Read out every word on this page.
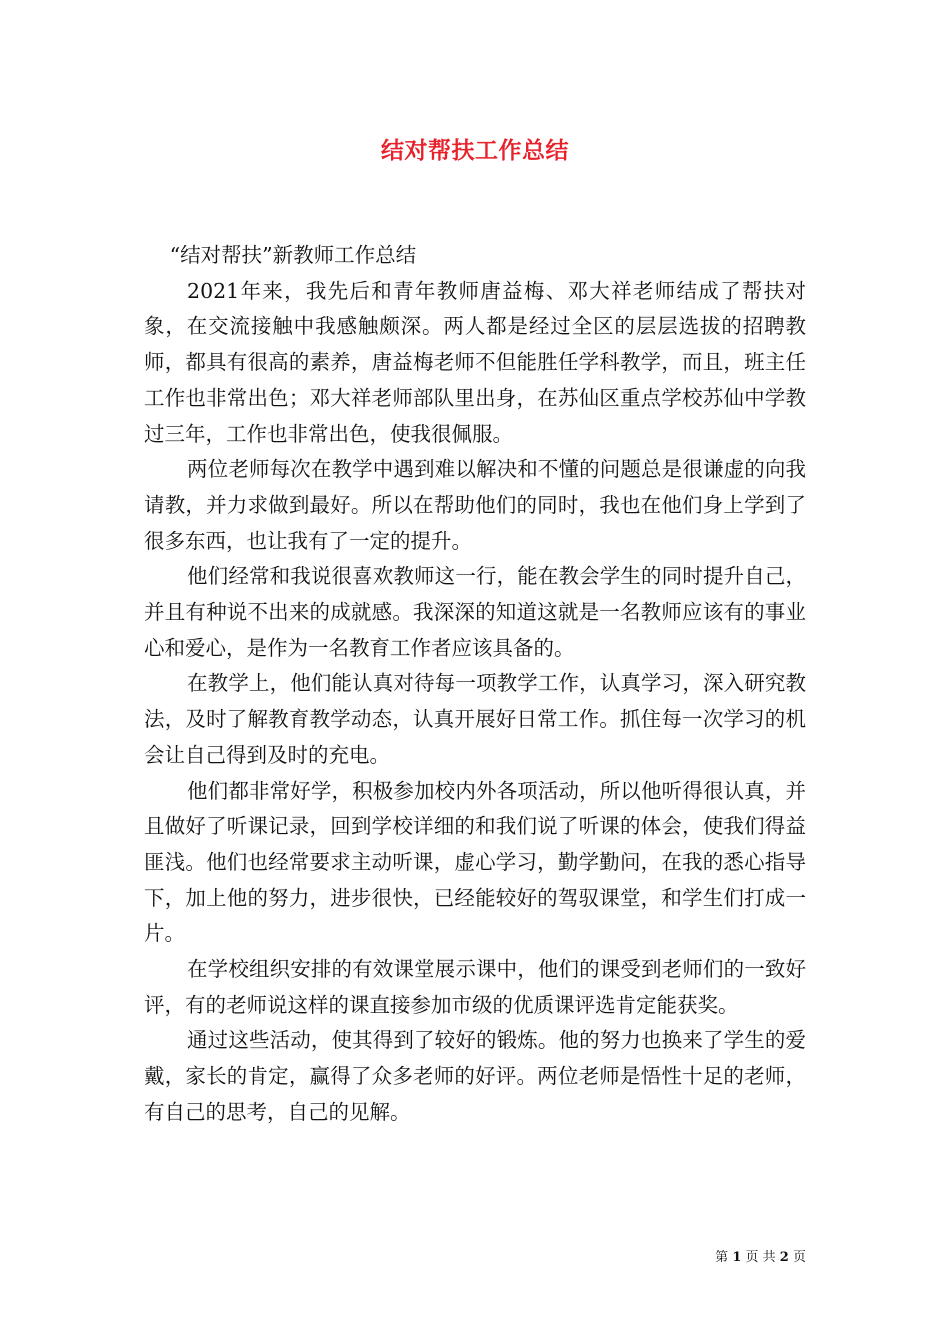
结对帮扶工作总结

“结对帮扶”新教师工作总结

2021年来，我先后和青年教师唐益梅、邓大祥老师结成了帮扶对象，在交流接触中我感触颇深。两人都是经过全区的层层选拔的招聘教师，都具有很高的素养，唐益梅老师不但能胜任学科教学，而且，班主任工作也非常出色；邓大祥老师部队里出身，在苏仙区重点学校苏仙中学教过三年，工作也非常出色，使我很佩服。

两位老师每次在教学中遇到难以解决和不懂的问题总是很谦虚的向我请教，并力求做到最好。所以在帮助他们的同时，我也在他们身上学到了很多东西，也让我有了一定的提升。

他们经常和我说很喜欢教师这一行，能在教会学生的同时提升自己，并且有种说不出来的成就感。我深深的知道这就是一名教师应该有的事业心和爱心，是作为一名教育工作者应该具备的。

在教学上，他们能认真对待每一项教学工作，认真学习，深入研究教法，及时了解教育教学动态，认真开展好日常工作。抓住每一次学习的机会让自己得到及时的充电。

他们都非常好学，积极参加校内外各项活动，所以他听得很认真，并且做好了听课记录，回到学校详细的和我们说了听课的体会，使我们得益匪浅。他们也经常要求主动听课，虚心学习，勤学勤问，在我的悉心指导下，加上他的努力，进步很快，已经能较好的驾驭课堂，和学生们打成一片。

在学校组织安排的有效课堂展示课中，他们的课受到老师们的一致好评，有的老师说这样的课直接参加市级的优质课评选肯定能获奖。

通过这些活动，使其得到了较好的锻炼。他的努力也换来了学生的爱戴，家长的肯定，赢得了众多老师的好评。两位老师是悟性十足的老师，有自己的思考，自己的见解。

第 1 页 共 2 页
